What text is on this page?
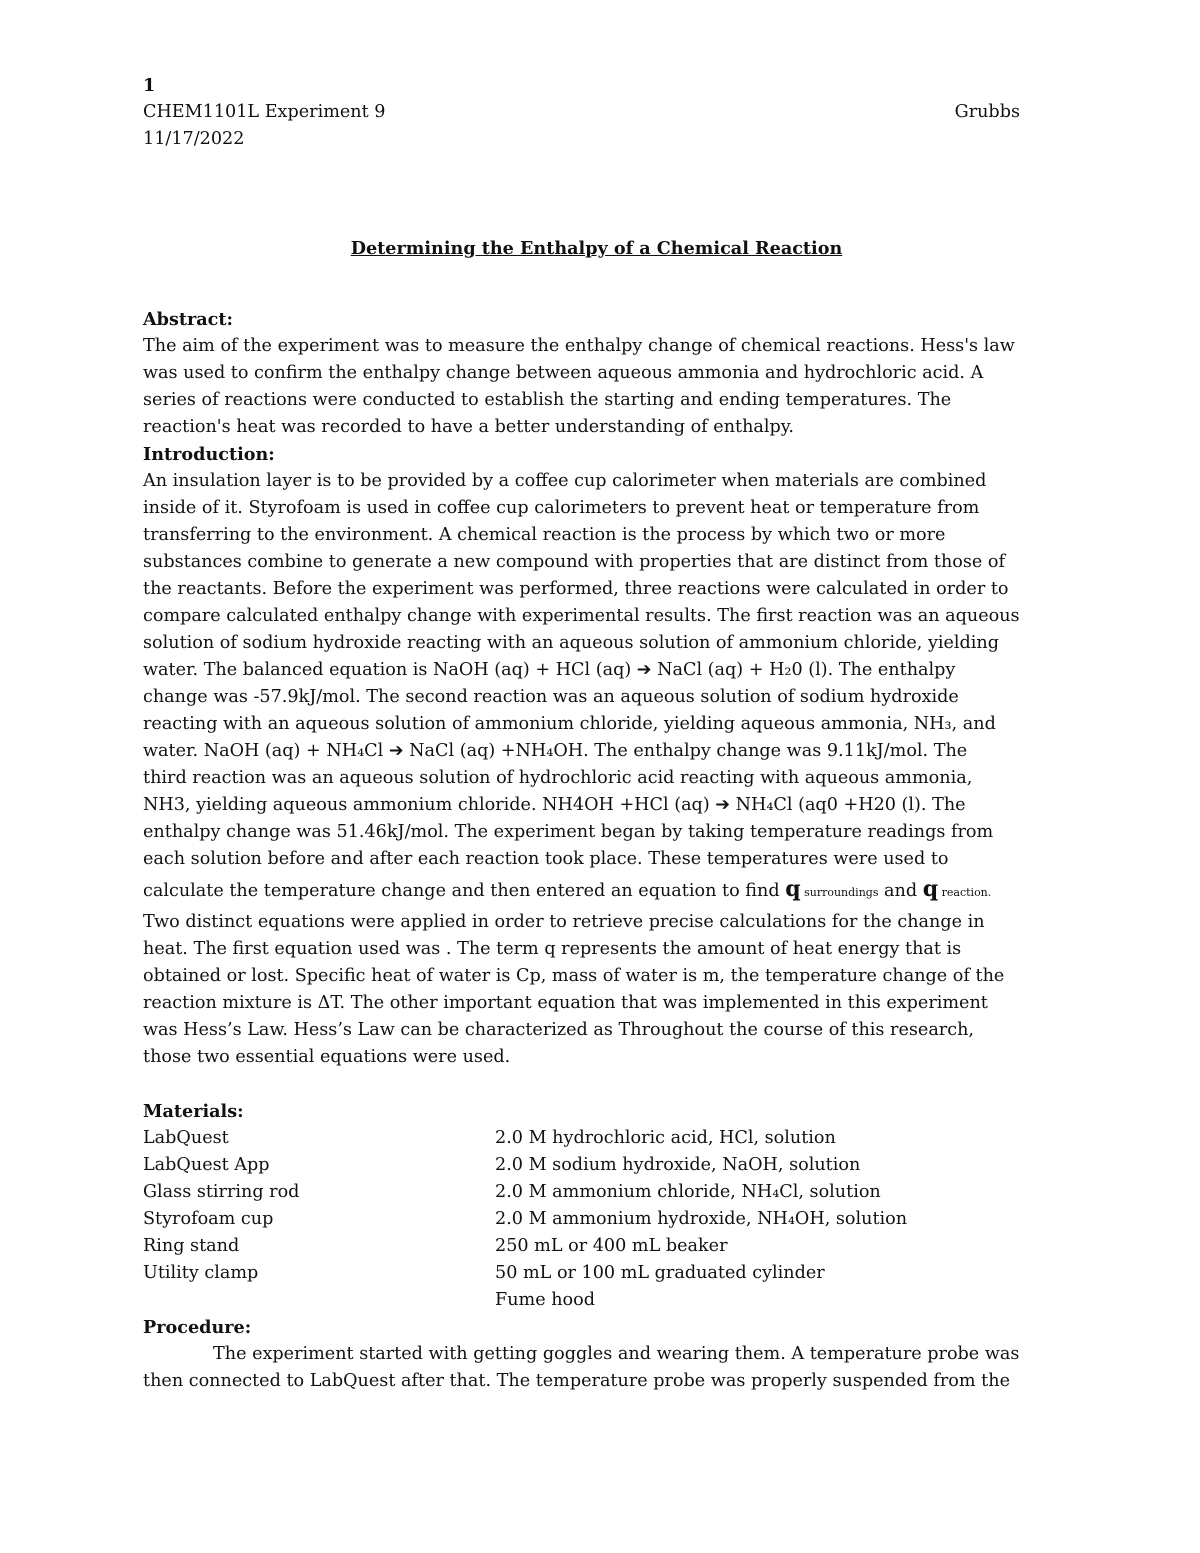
1

CHEM1101L Experiment 9	Grubbs

11/17/2022

Determining the Enthalpy of a Chemical Reaction

Abstract:

The aim of the experiment was to measure the enthalpy change of chemical reactions. Hess's law
was used to confirm the enthalpy change between aqueous ammonia and hydrochloric acid. A
series of reactions were conducted to establish the starting and ending temperatures. The
reaction's heat was recorded to have a better understanding of enthalpy.

Introduction:

An insulation layer is to be provided by a coffee cup calorimeter when materials are combined
inside of it. Styrofoam is used in coffee cup calorimeters to prevent heat or temperature from
transferring to the environment. A chemical reaction is the process by which two or more
substances combine to generate a new compound with properties that are distinct from those of
the reactants. Before the experiment was performed, three reactions were calculated in order to
compare calculated enthalpy change with experimental results. The first reaction was an aqueous
solution of sodium hydroxide reacting with an aqueous solution of ammonium chloride, yielding
water. The balanced equation is NaOH (aq) + HCl (aq) ➔ NaCl (aq) + H₂0 (l). The enthalpy
change was -57.9kJ/mol. The second reaction was an aqueous solution of sodium hydroxide
reacting with an aqueous solution of ammonium chloride, yielding aqueous ammonia, NH₃, and
water. NaOH (aq) + NH₄Cl ➔ NaCl (aq) +NH₄OH. The enthalpy change was 9.11kJ/mol. The
third reaction was an aqueous solution of hydrochloric acid reacting with aqueous ammonia,
NH3, yielding aqueous ammonium chloride. NH4OH +HCl (aq) ➔ NH₄Cl (aq0 +H20 (l). The
enthalpy change was 51.46kJ/mol. The experiment began by taking temperature readings from
each solution before and after each reaction took place. These temperatures were used to
calculate the temperature change and then entered an equation to find q surroundings and q reaction.
Two distinct equations were applied in order to retrieve precise calculations for the change in
heat. The first equation used was . The term q represents the amount of heat energy that is
obtained or lost. Specific heat of water is Cp, mass of water is m, the temperature change of the
reaction mixture is ΔT. The other important equation that was implemented in this experiment
was Hess’s Law. Hess’s Law can be characterized as Throughout the course of this research,
those two essential equations were used.

Materials:

LabQuest	2.0 M hydrochloric acid, HCl, solution
LabQuest App	2.0 M sodium hydroxide, NaOH, solution
Glass stirring rod	2.0 M ammonium chloride, NH₄Cl, solution
Styrofoam cup	2.0 M ammonium hydroxide, NH₄OH, solution
Ring stand	250 mL or 400 mL beaker
Utility clamp	50 mL or 100 mL graduated cylinder
	Fume hood

Procedure:

The experiment started with getting goggles and wearing them. A temperature probe was
then connected to LabQuest after that. The temperature probe was properly suspended from the
